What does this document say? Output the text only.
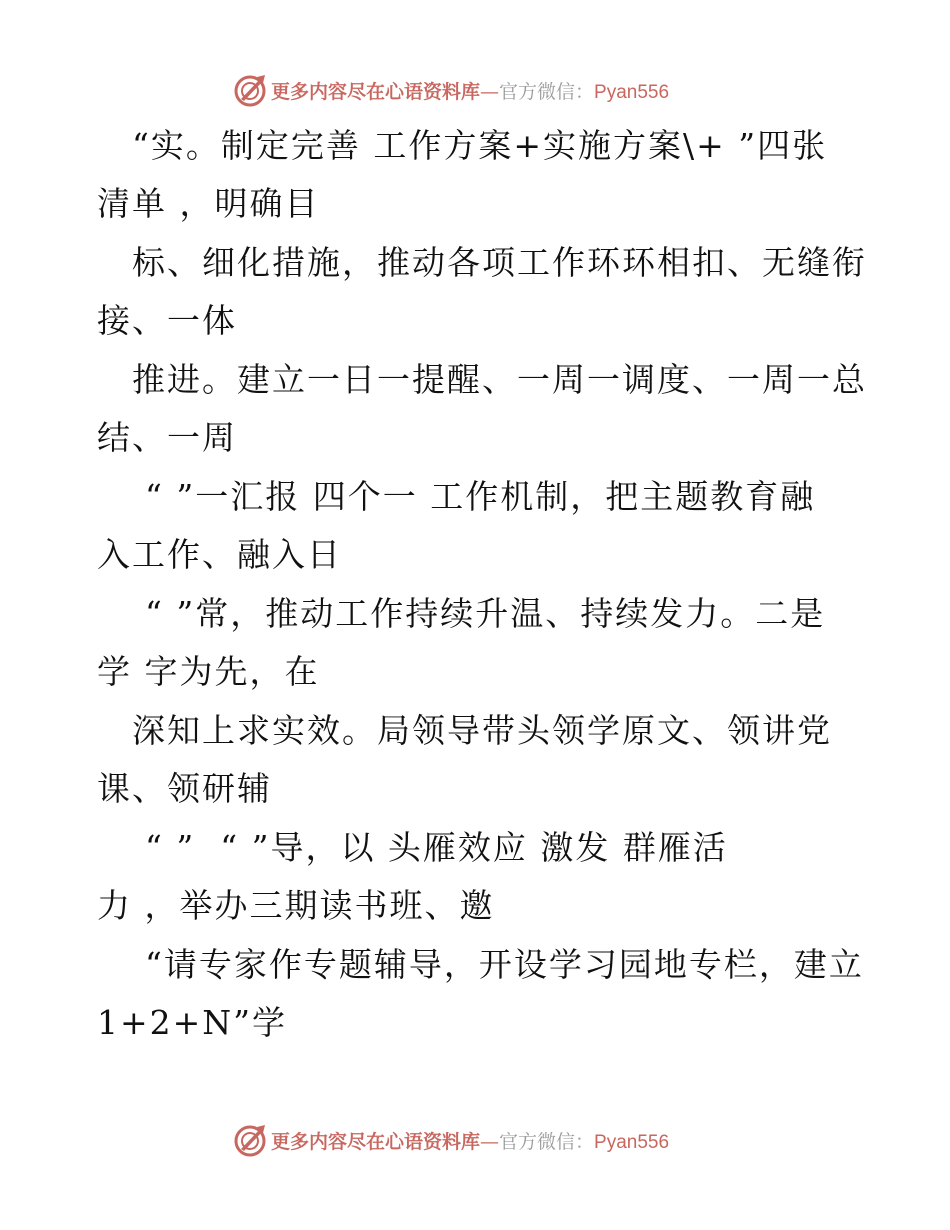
更多内容尽在心语资料库—官方微信：Pyan556
“实。制定完善 工作方案+实施方案\+ ”四张
清单 ，明确目
标、细化措施，推动各项工作环环相扣、无缝衔
接、一体
推进。建立一日一提醒、一周一调度、一周一总
结、一周
“ ”一汇报 四个一 工作机制，把主题教育融
入工作、融入日
“ ”常，推动工作持续升温、持续发力。二是
学 字为先，在
深知上求实效。局领导带头领学原文、领讲党
课、领研辅
“ ”  “ ”导，以 头雁效应 激发 群雁活
力 ，举办三期读书班、邀
“请专家作专题辅导，开设学习园地专栏，建立
1+2+N”学
更多内容尽在心语资料库—官方微信：Pyan556
